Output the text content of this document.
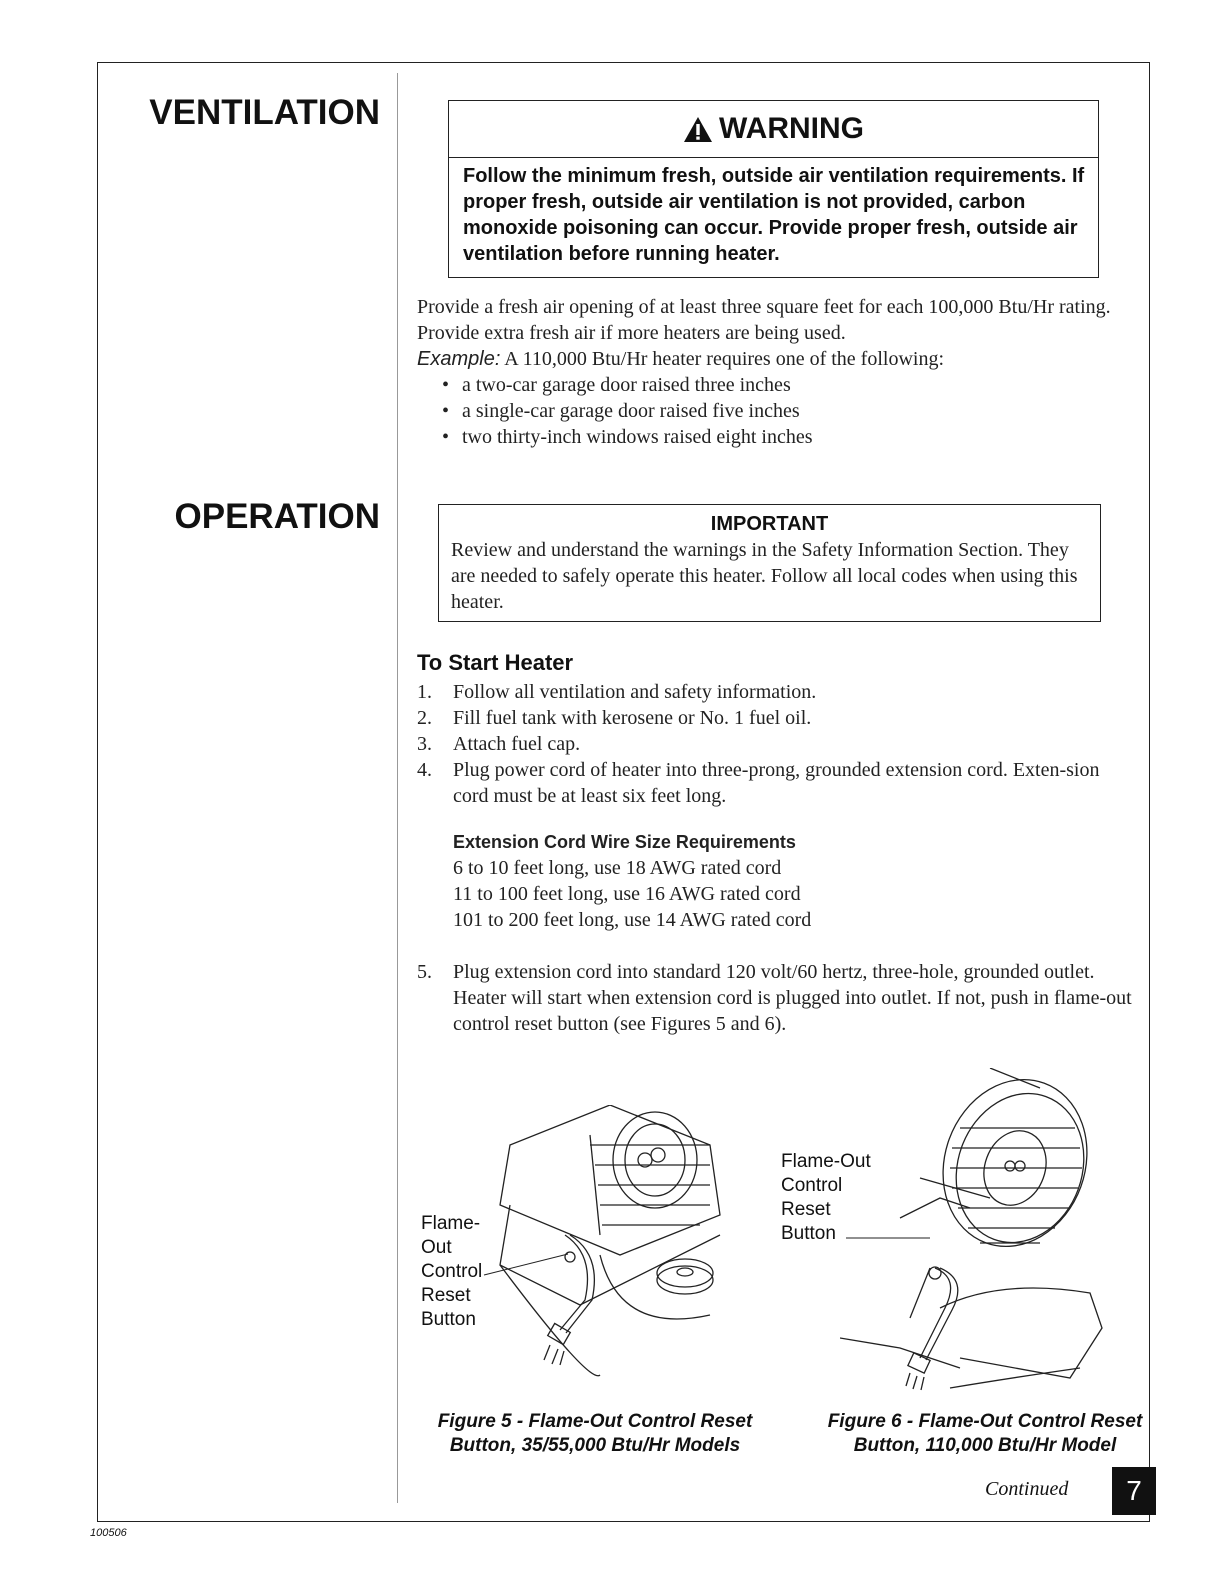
VENTILATION
OPERATION
WARNING
Follow the minimum fresh, outside air ventilation requirements. If proper fresh, outside air ventilation is not provided, carbon monoxide poisoning can occur. Provide proper fresh, outside air ventilation before running heater.
Provide a fresh air opening of at least three square feet for each 100,000 Btu/Hr rating. Provide extra fresh air if more heaters are being used.
Example: A 110,000 Btu/Hr heater requires one of the following:
• a two-car garage door raised three inches
• a single-car garage door raised five inches
• two thirty-inch windows raised eight inches
IMPORTANT
Review and understand the warnings in the Safety Information Section. They are needed to safely operate this heater. Follow all local codes when using this heater.
To Start Heater
1. Follow all ventilation and safety information.
2. Fill fuel tank with kerosene or No. 1 fuel oil.
3. Attach fuel cap.
4. Plug power cord of heater into three-prong, grounded extension cord. Exten-sion cord must be at least six feet long.
Extension Cord Wire Size Requirements
6 to 10 feet long, use 18 AWG rated cord
11 to 100 feet long, use 16 AWG rated cord
101 to 200 feet long, use 14 AWG rated cord
5. Plug extension cord into standard 120 volt/60 hertz, three-hole, grounded outlet. Heater will start when extension cord is plugged into outlet. If not, push in flame-out control reset button (see Figures 5 and 6).
Flame-
Out
Control
Reset
Button
Flame-Out
Control
Reset
Button
Figure 5 - Flame-Out Control Reset
Button, 35/55,000 Btu/Hr Models
Figure 6 - Flame-Out Control Reset
Button, 110,000 Btu/Hr Model
Continued	7
100506
